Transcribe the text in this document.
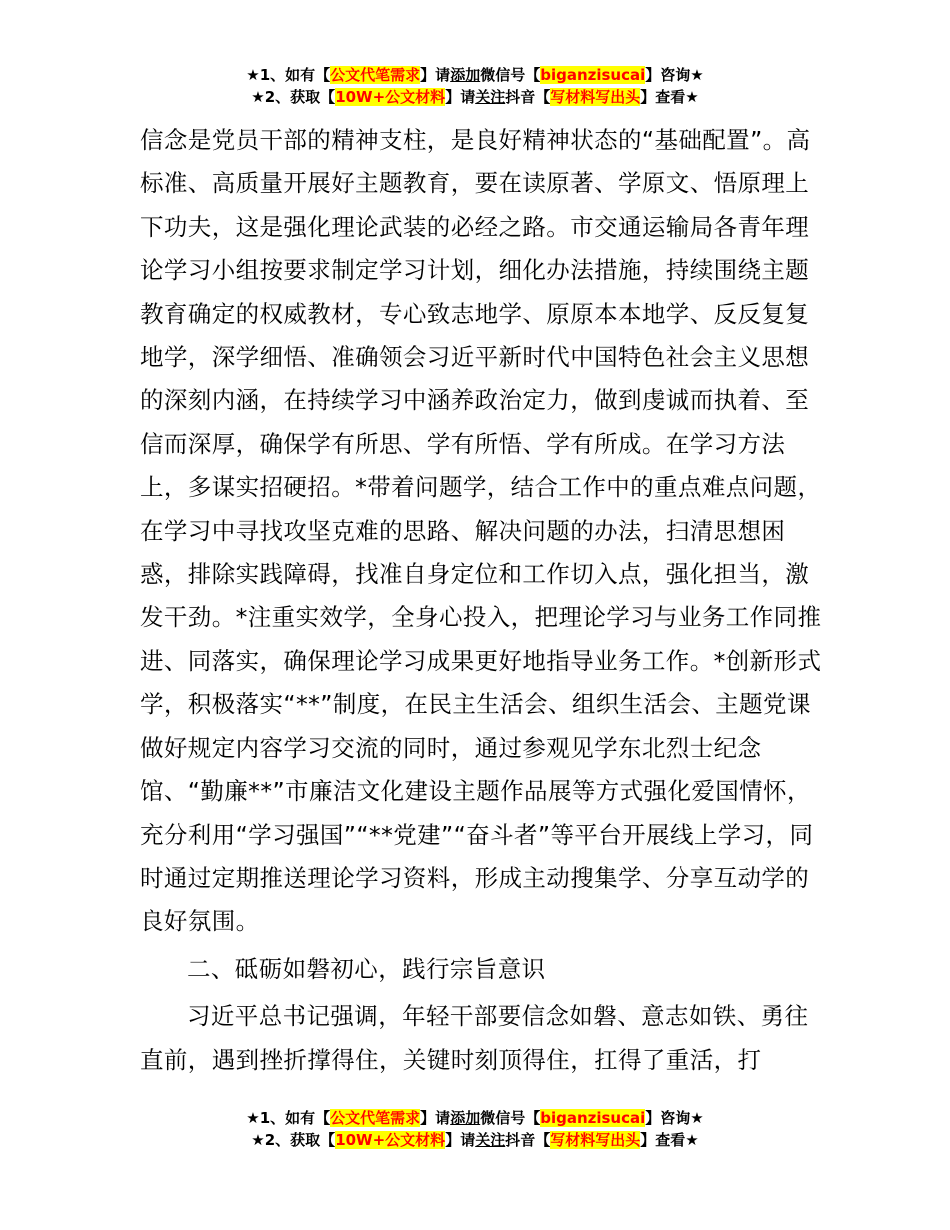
★1、如有【公文代笔需求】请添加微信号【biganzisucai】咨询★
★2、获取【10W+公文材料】请关注抖音【写材料写出头】查看★

信念是党员干部的精神支柱，是良好精神状态的“基础配置”。高标准、高质量开展好主题教育，要在读原著、学原文、悟原理上下功夫，这是强化理论武装的必经之路。市交通运输局各青年理论学习小组按要求制定学习计划，细化办法措施，持续围绕主题教育确定的权威教材，专心致志地学、原原本本地学、反反复复地学，深学细悟、准确领会习近平新时代中国特色社会主义思想的深刻内涵，在持续学习中涵养政治定力，做到虔诚而执着、至信而深厚，确保学有所思、学有所悟、学有所成。在学习方法上，多谋实招硬招。*带着问题学，结合工作中的重点难点问题，在学习中寻找攻坚克难的思路、解决问题的办法，扫清思想困惑，排除实践障碍，找准自身定位和工作切入点，强化担当，激发干劲。*注重实效学，全身心投入，把理论学习与业务工作同推进、同落实，确保理论学习成果更好地指导业务工作。*创新形式学，积极落实“**”制度，在民主生活会、组织生活会、主题党课做好规定内容学习交流的同时，通过参观见学东北烈士纪念馆、“勤廉**”市廉洁文化建设主题作品展等方式强化爱国情怀，充分利用“学习强国”“**党建”“奋斗者”等平台开展线上学习，同时通过定期推送理论学习资料，形成主动搜集学、分享互动学的良好氛围。

二、砥砺如磐初心，践行宗旨意识

习近平总书记强调，年轻干部要信念如磐、意志如铁、勇往直前，遇到挫折撑得住，关键时刻顶得住，扛得了重活，打

★1、如有【公文代笔需求】请添加微信号【biganzisucai】咨询★
★2、获取【10W+公文材料】请关注抖音【写材料写出头】查看★
